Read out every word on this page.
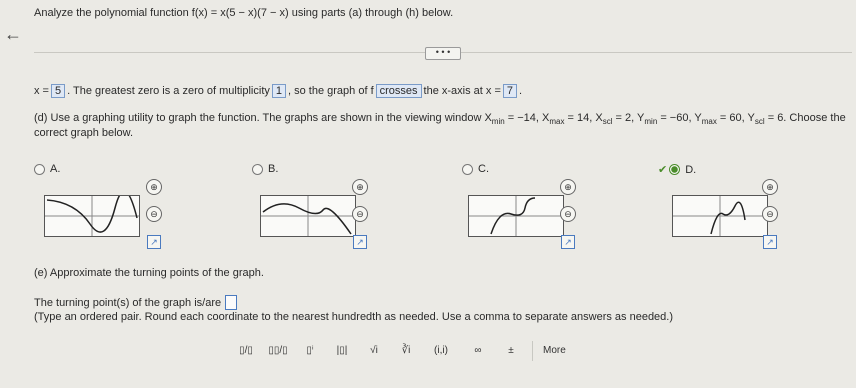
←
Analyze the polynomial function f(x) = x(5 − x)(7 − x) using parts (a) through (h) below.
• • •
x = 5 . The greatest zero is a zero of multiplicity 1 , so the graph of f crosses the x-axis at x = 7 .
(d) Use a graphing utility to graph the function. The graphs are shown in the viewing window $X_{min} = -14$, $X_{max} = 14$, $X_{scl} = 2$, $Y_{min} = -60$, $Y_{max} = 60$, $Y_{scl} = 6$. Choose the
correct graph below.
A.	B.	C.	✔ D.
⊕
⊖
↗
⊕
⊖
↗
⊕
⊖
↗
⊕
⊖
↗
(e) Approximate the turning points of the graph.
The turning point(s) of the graph is/are
(Type an ordered pair. Round each coordinate to the nearest hundredth as needed. Use a comma to separate answers as needed.)
▯/▯	▯▯/▯	▯ⁱ	|▯|	√i	∛i	(i,i)	∞	±	More
